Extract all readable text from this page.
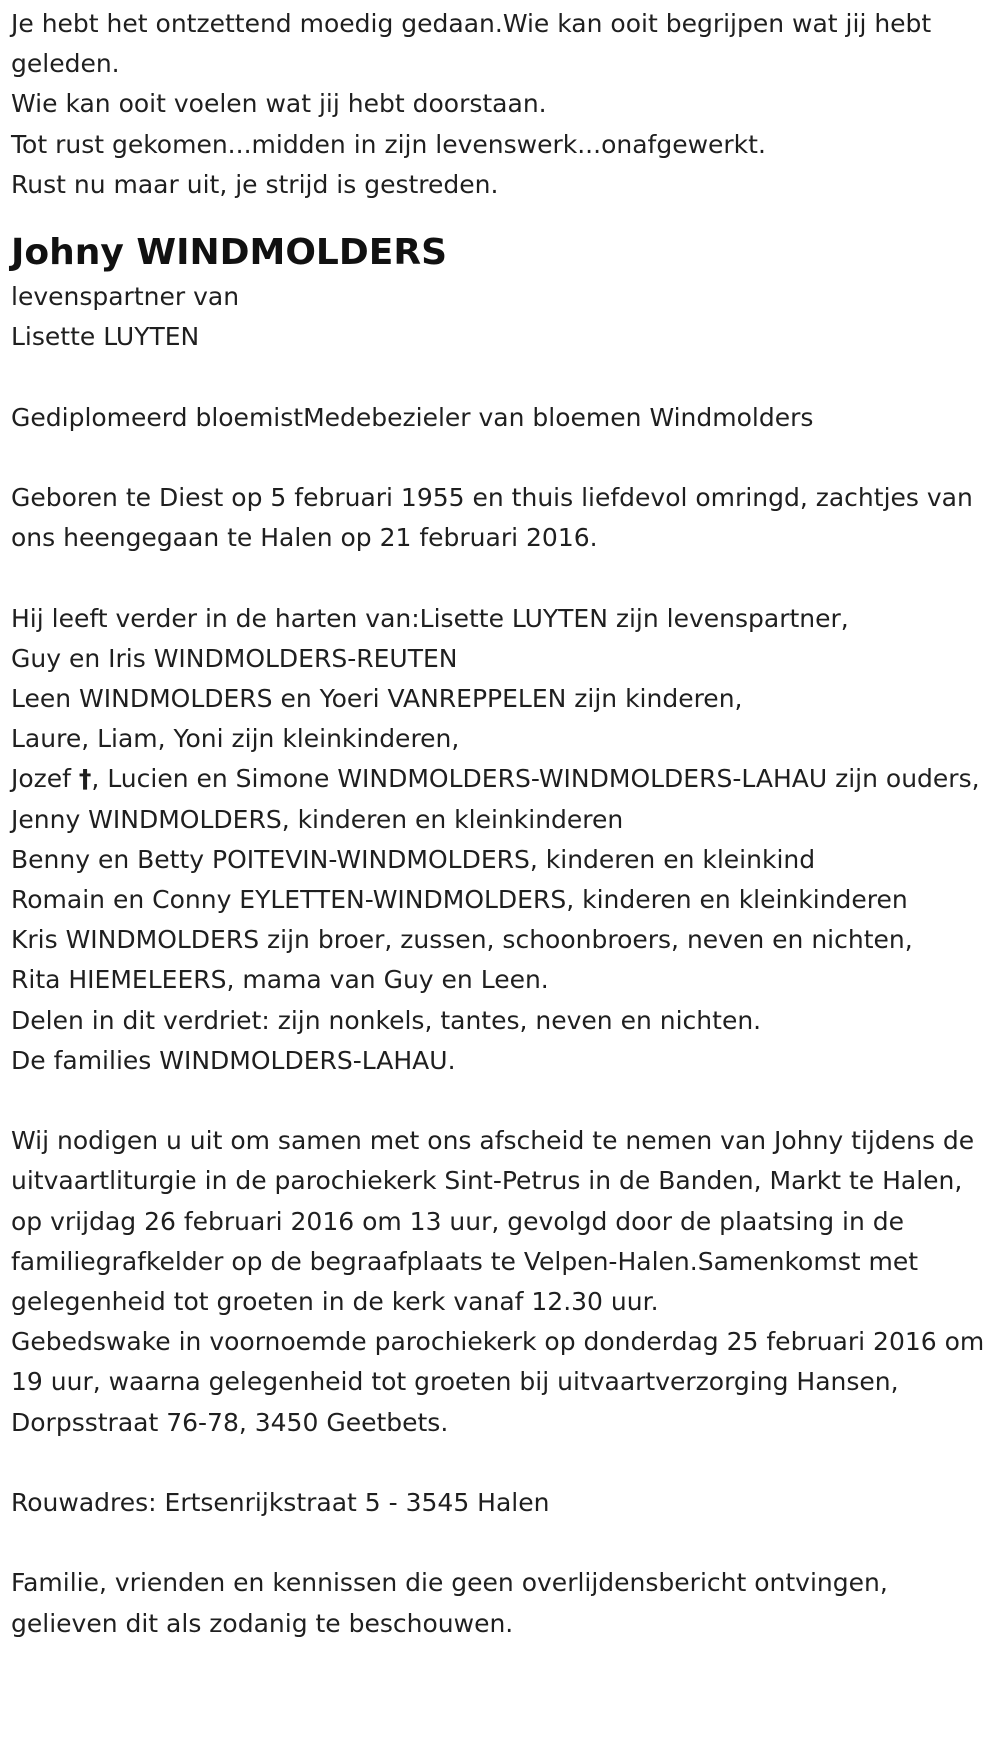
Je hebt het ontzettend moedig gedaan.Wie kan ooit begrijpen wat jij hebt geleden.

Wie kan ooit voelen wat jij hebt doorstaan.

Tot rust gekomen...midden in zijn levenswerk...onafgewerkt.

Rust nu maar uit, je strijd is gestreden.

Johny WINDMOLDERS

levenspartner van

Lisette LUYTEN

Gediplomeerd bloemistMedebezieler van bloemen Windmolders

Geboren te Diest op 5 februari 1955 en thuis liefdevol omringd, zachtjes van ons heengegaan te Halen op 21 februari 2016.

Hij leeft verder in de harten van:Lisette LUYTEN zijn levenspartner,

Guy en Iris WINDMOLDERS-REUTEN

Leen WINDMOLDERS en Yoeri VANREPPELEN zijn kinderen,

Laure, Liam, Yoni zijn kleinkinderen,

Jozef †, Lucien en Simone WINDMOLDERS-WINDMOLDERS-LAHAU zijn ouders,

Jenny WINDMOLDERS, kinderen en kleinkinderen

Benny en Betty POITEVIN-WINDMOLDERS, kinderen en kleinkind

Romain en Conny EYLETTEN-WINDMOLDERS, kinderen en kleinkinderen

Kris WINDMOLDERS zijn broer, zussen, schoonbroers, neven en nichten,

Rita HIEMELEERS, mama van Guy en Leen.

Delen in dit verdriet: zijn nonkels, tantes, neven en nichten.

De families WINDMOLDERS-LAHAU.

Wij nodigen u uit om samen met ons afscheid te nemen van Johny tijdens de uitvaartliturgie in de parochiekerk Sint-Petrus in de Banden, Markt te Halen, op vrijdag 26 februari 2016 om 13 uur, gevolgd door de plaatsing in de familiegrafkelder op de begraafplaats te Velpen-Halen.Samenkomst met gelegenheid tot groeten in de kerk vanaf 12.30 uur.

Gebedswake in voornoemde parochiekerk op donderdag 25 februari 2016 om 19 uur, waarna gelegenheid tot groeten bij uitvaartverzorging Hansen, Dorpsstraat 76-78, 3450 Geetbets.

Rouwadres: Ertsenrijkstraat 5 - 3545 Halen

Familie, vrienden en kennissen die geen overlijdensbericht ontvingen, gelieven dit als zodanig te beschouwen.
